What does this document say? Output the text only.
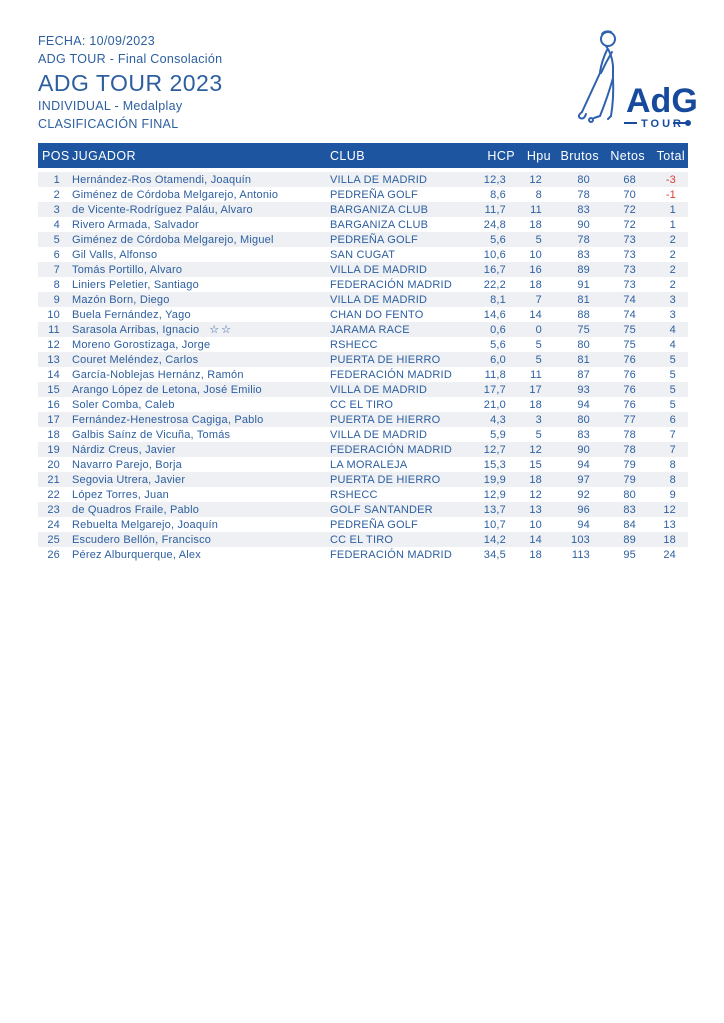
FECHA: 10/09/2023
ADG TOUR - Final Consolación
ADG TOUR 2023
INDIVIDUAL - Medalplay
CLASIFICACIÓN FINAL
AdG
TOUR
POS JUGADOR	CLUB	HCP Hpu Brutos Netos Total
1	Hernández-Ros Otamendi, Joaquín	VILLA DE MADRID	12,3	12	80	68	-3
2	Giménez de Córdoba Melgarejo, Antonio	PEDREÑA GOLF	8,6	8	78	70	-1
3	de Vicente-Rodríguez Paláu, Alvaro	BARGANIZA CLUB	11,7	11	83	72	1
4	Rivero Armada, Salvador	BARGANIZA CLUB	24,8	18	90	72	1
5	Giménez de Córdoba Melgarejo, Miguel	PEDREÑA GOLF	5,6	5	78	73	2
6	Gil Valls, Alfonso	SAN CUGAT	10,6	10	83	73	2
7	Tomás Portillo, Alvaro	VILLA DE MADRID	16,7	16	89	73	2
8	Liniers Peletier, Santiago	FEDERACIÓN MADRID	22,2	18	91	73	2
9	Mazón Born, Diego	VILLA DE MADRID	8,1	7	81	74	3
10	Buela Fernández, Yago	CHAN DO FENTO	14,6	14	88	74	3
11	Sarasola Arribas, Ignacio ☆☆	JARAMA RACE	0,6	0	75	75	4
12	Moreno Gorostizaga, Jorge	RSHECC	5,6	5	80	75	4
13	Couret Meléndez, Carlos	PUERTA DE HIERRO	6,0	5	81	76	5
14	García-Noblejas Hernánz, Ramón	FEDERACIÓN MADRID	11,8	11	87	76	5
15	Arango López de Letona, José Emilio	VILLA DE MADRID	17,7	17	93	76	5
16	Soler Comba, Caleb	CC EL TIRO	21,0	18	94	76	5
17	Fernández-Henestrosa Cagiga, Pablo	PUERTA DE HIERRO	4,3	3	80	77	6
18	Galbis Saínz de Vicuña, Tomás	VILLA DE MADRID	5,9	5	83	78	7
19	Nárdiz Creus, Javier	FEDERACIÓN MADRID	12,7	12	90	78	7
20	Navarro Parejo, Borja	LA MORALEJA	15,3	15	94	79	8
21	Segovia Utrera, Javier	PUERTA DE HIERRO	19,9	18	97	79	8
22	López Torres, Juan	RSHECC	12,9	12	92	80	9
23	de Quadros Fraile, Pablo	GOLF SANTANDER	13,7	13	96	83	12
24	Rebuelta Melgarejo, Joaquín	PEDREÑA GOLF	10,7	10	94	84	13
25	Escudero Bellón, Francisco	CC EL TIRO	14,2	14	103	89	18
26	Pérez Alburquerque, Alex	FEDERACIÓN MADRID	34,5	18	113	95	24
